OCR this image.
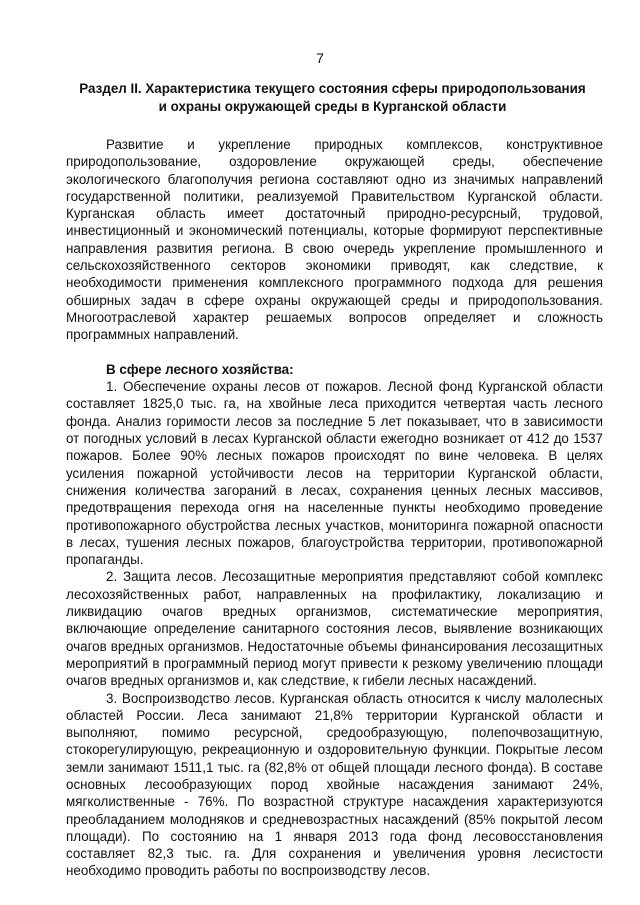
7
Раздел II. Характеристика текущего состояния сферы природопользования
и охраны окружающей среды в Курганской области

Развитие и укрепление природных комплексов, конструктивное природопользование, оздоровление окружающей среды, обеспечение экологического благополучия региона составляют одно из значимых направлений государственной политики, реализуемой Правительством Курганской области. Курганская область имеет достаточный природно-ресурсный, трудовой, инвестиционный и экономический потенциалы, которые формируют перспективные направления развития региона. В свою очередь укрепление промышленного и сельскохозяйственного секторов экономики приводят, как следствие, к необходимости применения комплексного программного подхода для решения обширных задач в сфере охраны окружающей среды и природопользования. Многоотраслевой характер решаемых вопросов определяет и сложность программных направлений.

В сфере лесного хозяйства:

1. Обеспечение охраны лесов от пожаров. Лесной фонд Курганской области составляет 1825,0 тыс. га, на хвойные леса приходится четвертая часть лесного фонда. Анализ горимости лесов за последние 5 лет показывает, что в зависимости от погодных условий в лесах Курганской области ежегодно возникает от 412 до 1537 пожаров. Более 90% лесных пожаров происходят по вине человека. В целях усиления пожарной устойчивости лесов на территории Курганской области, снижения количества загораний в лесах, сохранения ценных лесных массивов, предотвращения перехода огня на населенные пункты необходимо проведение противопожарного обустройства лесных участков, мониторинга пожарной опасности в лесах, тушения лесных пожаров, благоустройства территории, противопожарной пропаганды.

2. Защита лесов. Лесозащитные мероприятия представляют собой комплекс лесохозяйственных работ, направленных на профилактику, локализацию и ликвидацию очагов вредных организмов, систематические мероприятия, включающие определение санитарного состояния лесов, выявление возникающих очагов вредных организмов. Недостаточные объемы финансирования лесозащитных мероприятий в программный период могут привести к резкому увеличению площади очагов вредных организмов и, как следствие, к гибели лесных насаждений.

3. Воспроизводство лесов. Курганская область относится к числу малолесных областей России. Леса занимают 21,8% территории Курганской области и выполняют, помимо ресурсной, средообразующую, полепочвозащитную, стокорегулирующую, рекреационную и оздоровительную функции. Покрытые лесом земли занимают 1511,1 тыс. га (82,8% от общей площади лесного фонда). В составе основных лесообразующих пород хвойные насаждения занимают 24%, мягколиственные - 76%. По возрастной структуре насаждения характеризуются преобладанием молодняков и средневозрастных насаждений (85% покрытой лесом площади). По состоянию на 1 января 2013 года фонд лесовосстановления составляет 82,3 тыс. га. Для сохранения и увеличения уровня лесистости необходимо проводить работы по воспроизводству лесов.
